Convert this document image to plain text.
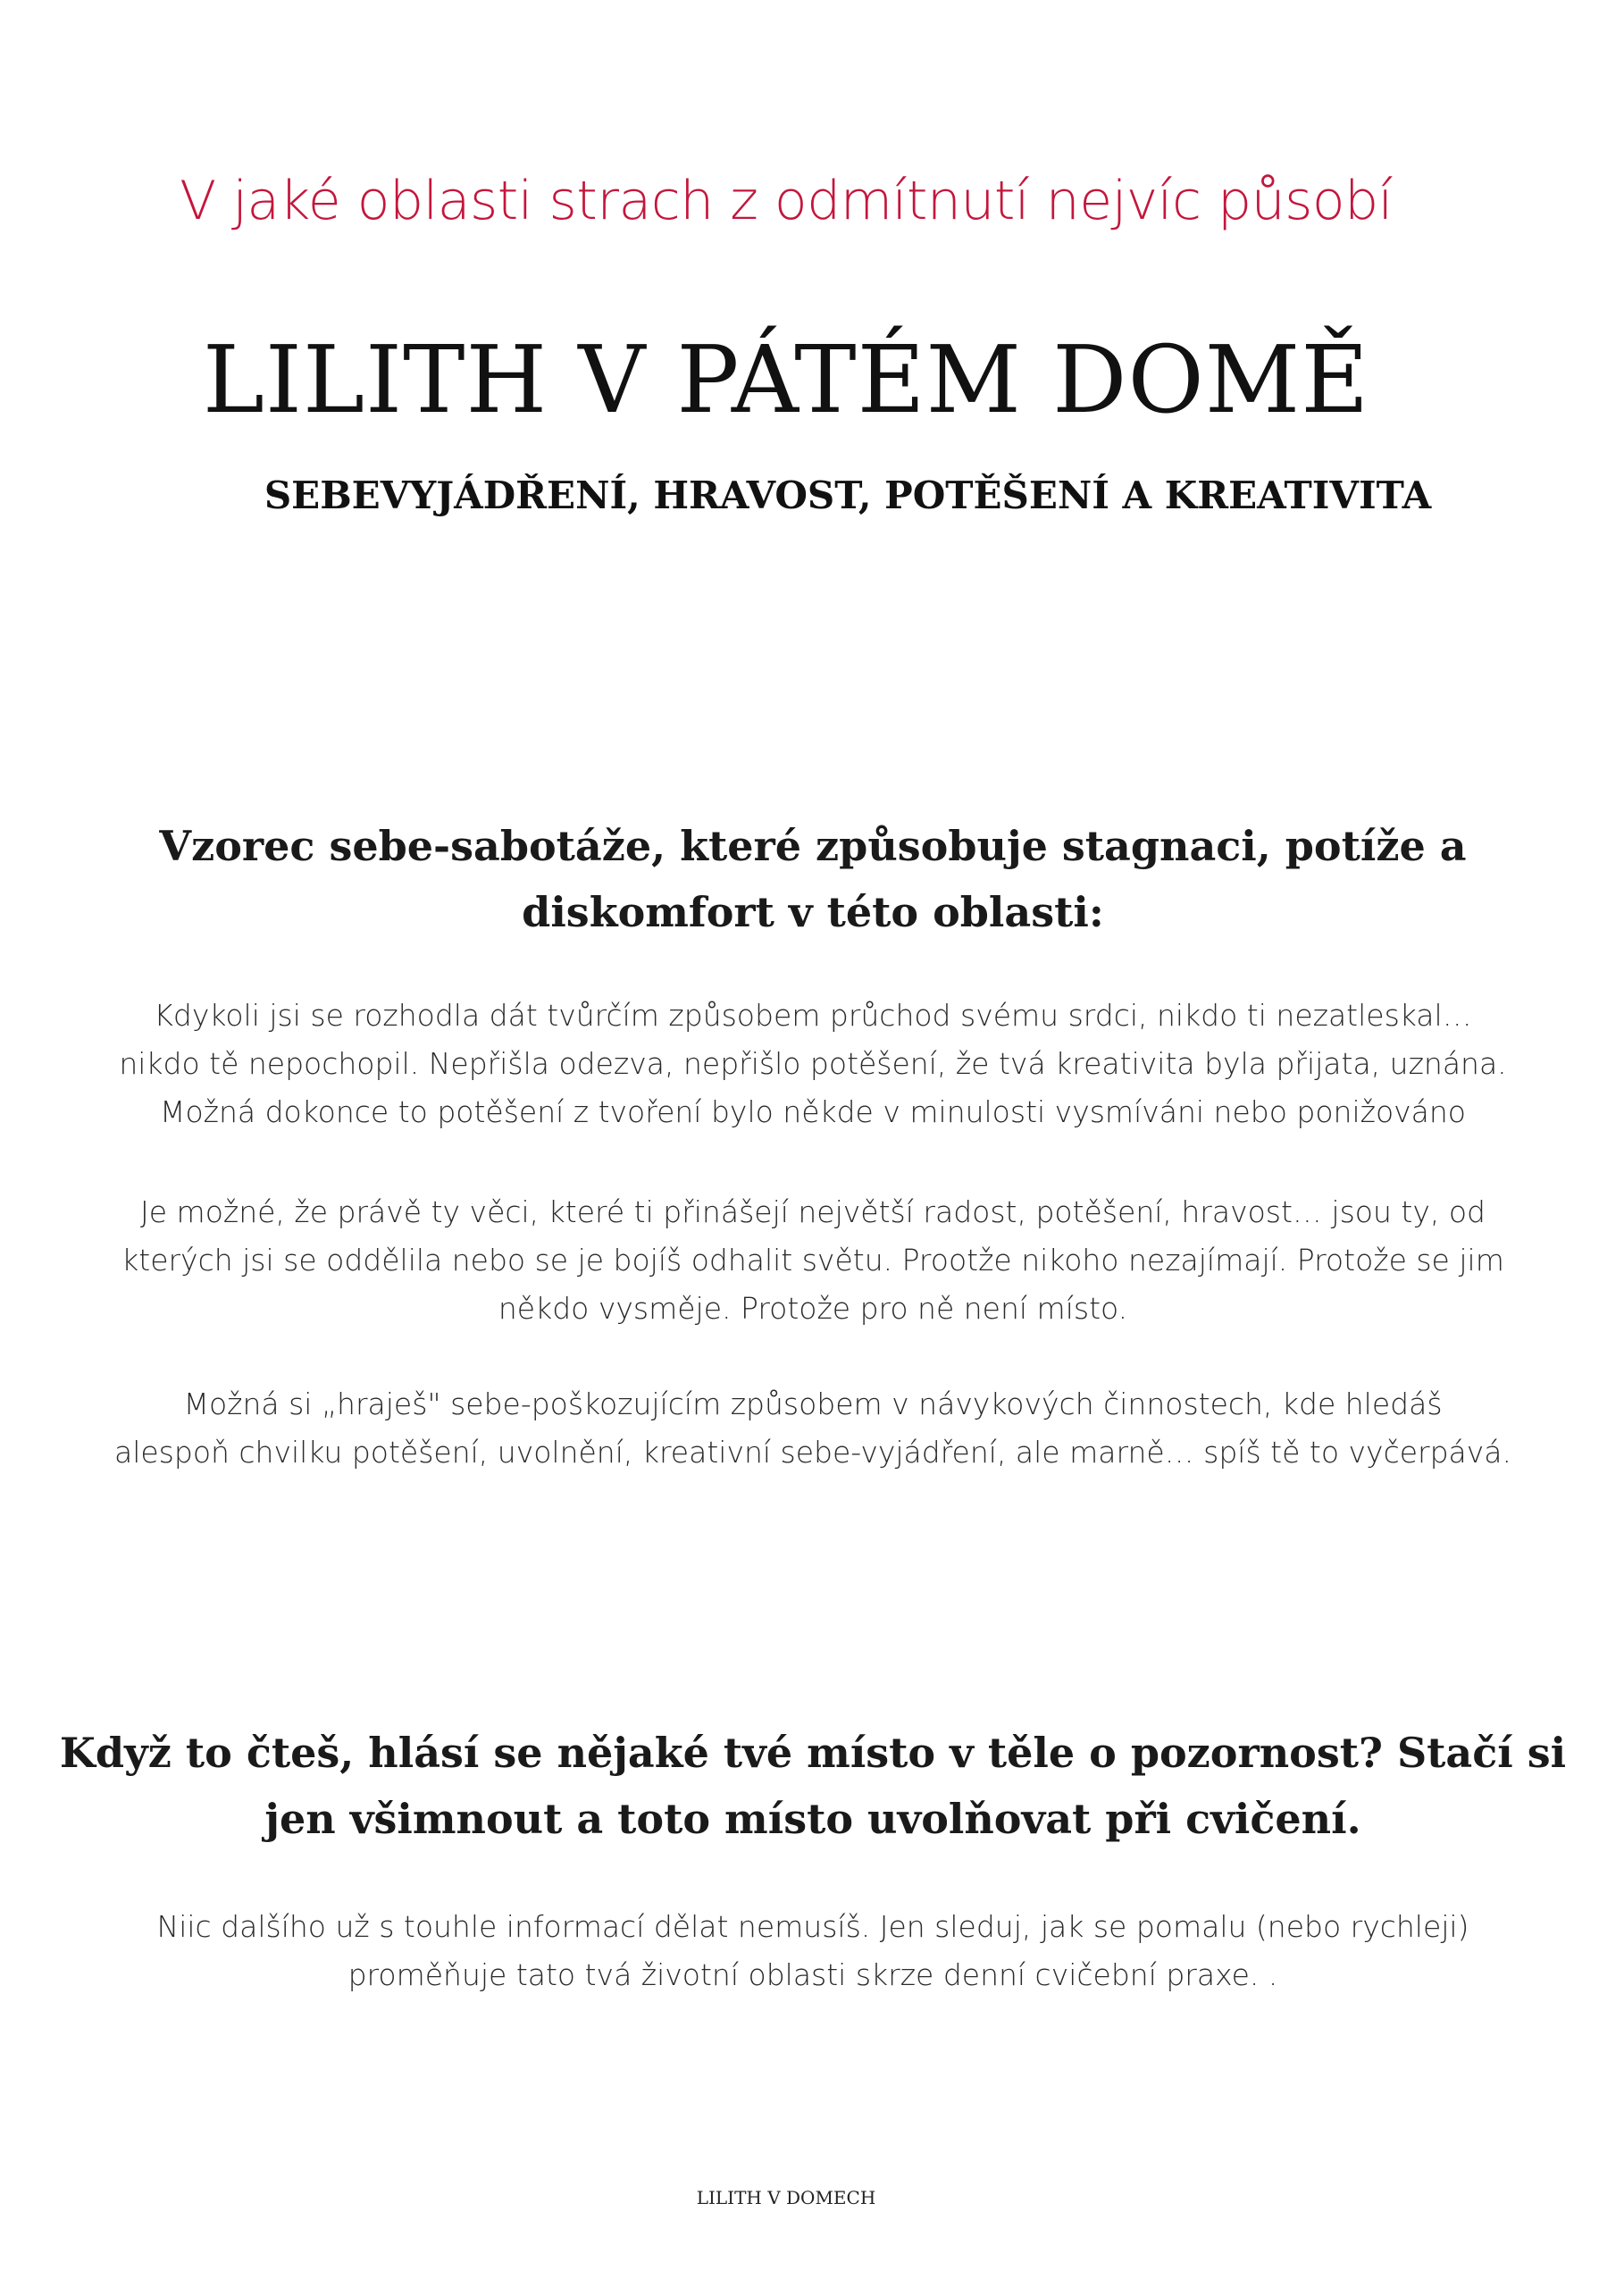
V jaké oblasti strach z odmítnutí nejvíc působí
LILITH V PÁTÉM DOMĚ
SEBEVYJÁDŘENÍ, HRAVOST, POTĚŠENÍ A KREATIVITA
Vzorec sebe-sabotáže, které způsobuje stagnaci, potíže a
diskomfort v této oblasti:

Kdykoli jsi se rozhodla dát tvůrčím způsobem průchod svému srdci, nikdo ti nezatleskal…
nikdo tě nepochopil. Nepřišla odezva, nepřišlo potěšení, že tvá kreativita byla přijata, uznána.
Možná dokonce to potěšení z tvoření bylo někde v minulosti vysmíváni nebo ponižováno

Je možné, že právě ty věci, které ti přinášejí největší radost, potěšení, hravost… jsou ty, od
kterých jsi se oddělila nebo se je bojíš odhalit světu. Prootže nikoho nezajímají. Protože se jim
někdo vysměje. Protože pro ně není místo.

Možná si „hraješ" sebe-poškozujícím způsobem v návykových činnostech, kde hledáš
alespoň chvilku potěšení, uvolnění, kreativní sebe-vyjádření, ale marně… spíš tě to vyčerpává.

Když to čteš, hlásí se nějaké tvé místo v těle o pozornost? Stačí si
jen všimnout a toto místo uvolňovat při cvičení.

Niic dalšího už s touhle informací dělat nemusíš. Jen sleduj, jak se pomalu (nebo rychleji)
proměňuje tato tvá životní oblasti skrze denní cvičební praxe. .

LILITH V DOMECH
